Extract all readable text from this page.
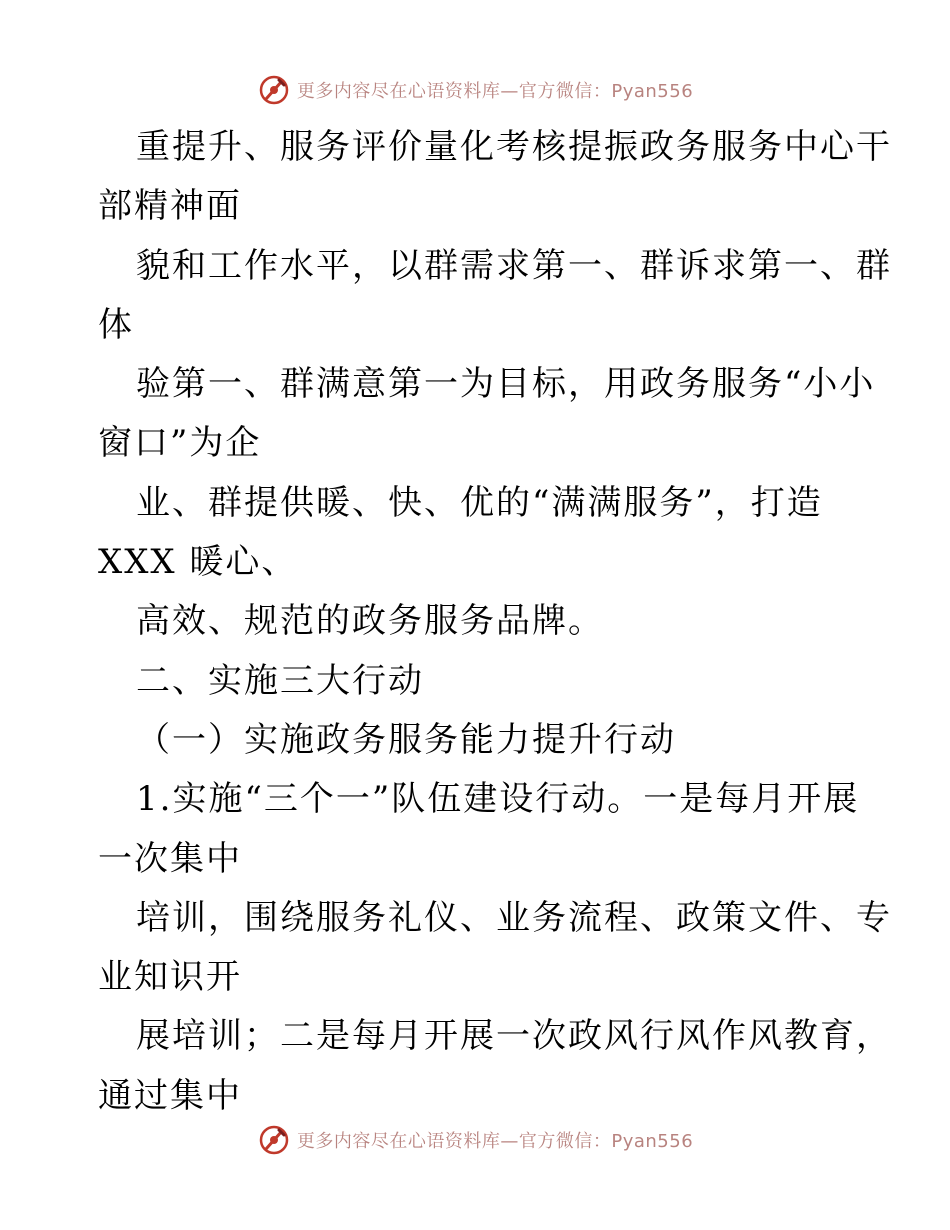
更多内容尽在心语资料库—官方微信：Pyan556
重提升、服务评价量化考核提振政务服务中心干
部精神面
貌和工作水平，以群需求第一、群诉求第一、群
体
验第一、群满意第一为目标，用政务服务“小小
窗口”为企
业、群提供暖、快、优的“满满服务”，打造
XXX 暖心、
高效、规范的政务服务品牌。
二、实施三大行动
（一）实施政务服务能力提升行动
1.实施“三个一”队伍建设行动。一是每月开展
一次集中
培训，围绕服务礼仪、业务流程、政策文件、专
业知识开
展培训；二是每月开展一次政风行风作风教育，
通过集中
更多内容尽在心语资料库—官方微信：Pyan556
